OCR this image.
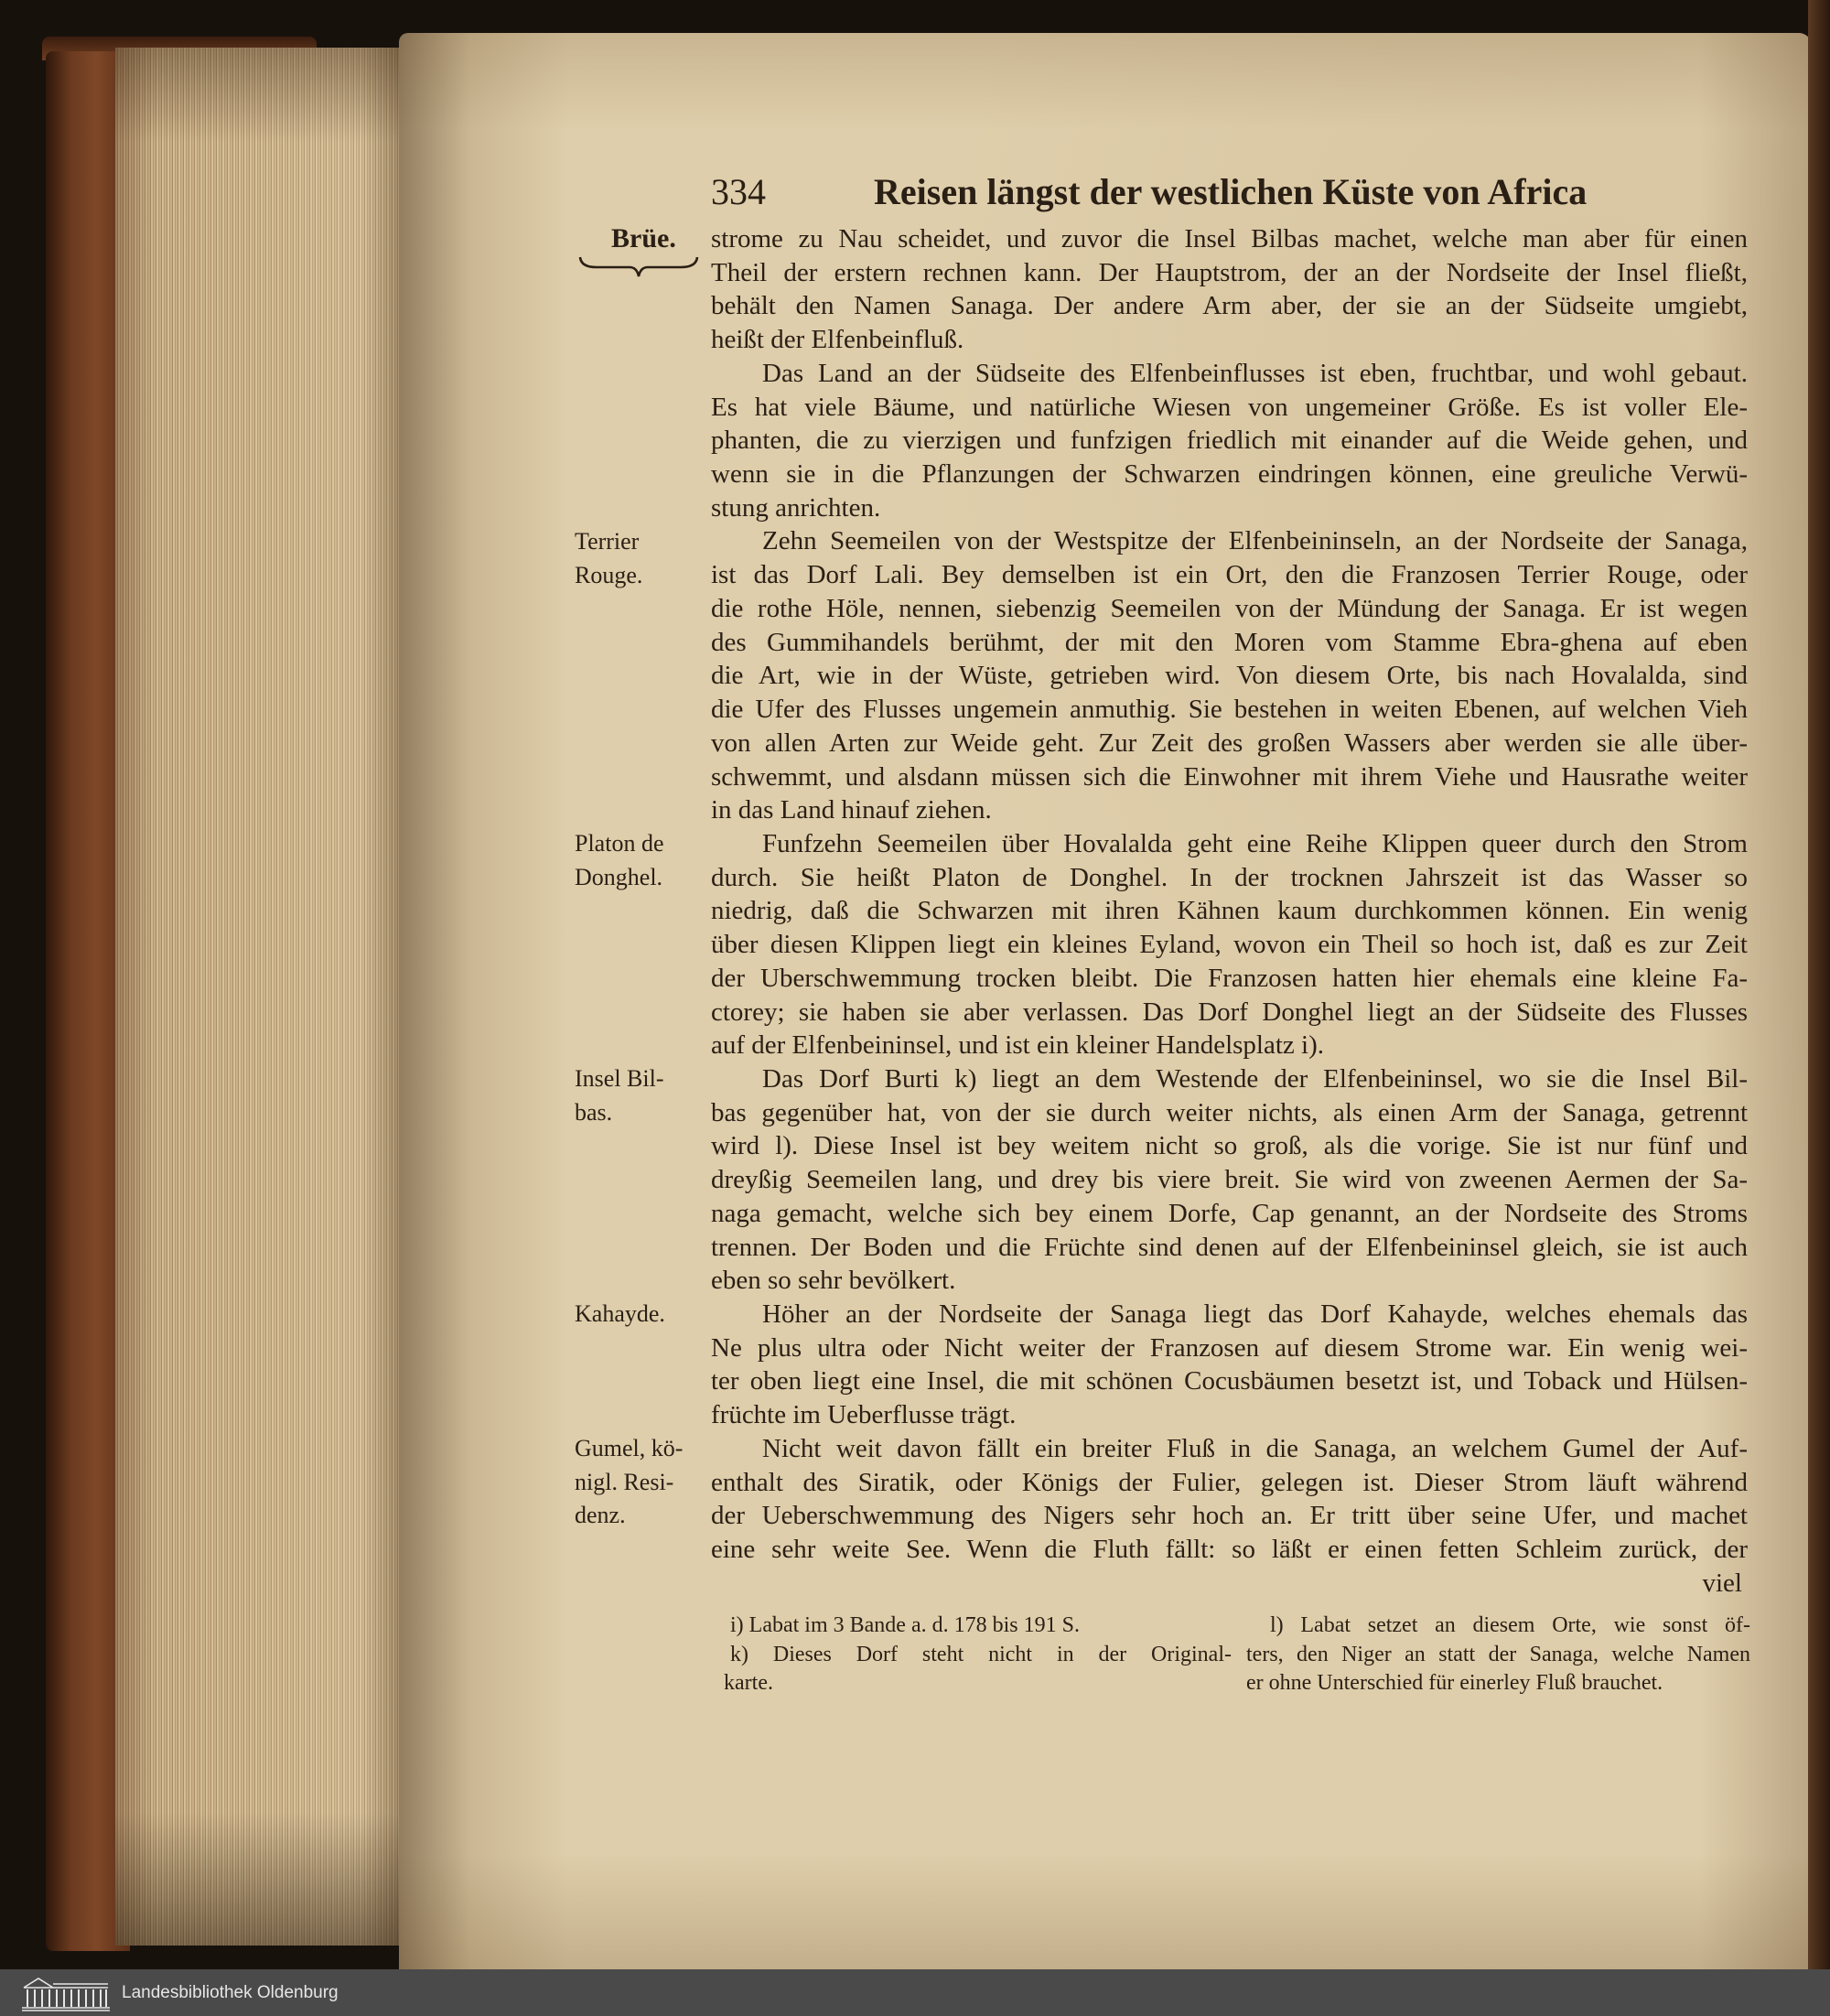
334	Reisen längst der westlichen Küste von Africa
Brüe.
Terrier
Rouge.
Platon de
Donghel.
Insel Bil-
bas.
Kahayde.
Gumel, kö-
nigl. Resi-
denz.
strome zu Nau scheidet, und zuvor die Insel Bilbas machet, welche man aber für einen
Theil der erstern rechnen kann. Der Hauptstrom, der an der Nordseite der Insel fließt,
behält den Namen Sanaga. Der andere Arm aber, der sie an der Südseite umgiebt,
heißt der Elfenbeinfluß.
Das Land an der Südseite des Elfenbeinflusses ist eben, fruchtbar, und wohl gebaut.
Es hat viele Bäume, und natürliche Wiesen von ungemeiner Größe. Es ist voller Ele-
phanten, die zu vierzigen und funfzigen friedlich mit einander auf die Weide gehen, und
wenn sie in die Pflanzungen der Schwarzen eindringen können, eine greuliche Verwü-
stung anrichten.
Zehn Seemeilen von der Westspitze der Elfenbeininseln, an der Nordseite der Sanaga,
ist das Dorf Lali. Bey demselben ist ein Ort, den die Franzosen Terrier Rouge, oder
die rothe Höle, nennen, siebenzig Seemeilen von der Mündung der Sanaga. Er ist wegen
des Gummihandels berühmt, der mit den Moren vom Stamme Ebra-ghena auf eben
die Art, wie in der Wüste, getrieben wird. Von diesem Orte, bis nach Hovalalda, sind
die Ufer des Flusses ungemein anmuthig. Sie bestehen in weiten Ebenen, auf welchen Vieh
von allen Arten zur Weide geht. Zur Zeit des großen Wassers aber werden sie alle über-
schwemmt, und alsdann müssen sich die Einwohner mit ihrem Viehe und Hausrathe weiter
in das Land hinauf ziehen.
Funfzehn Seemeilen über Hovalalda geht eine Reihe Klippen queer durch den Strom
durch. Sie heißt Platon de Donghel. In der trocknen Jahrszeit ist das Wasser so
niedrig, daß die Schwarzen mit ihren Kähnen kaum durchkommen können. Ein wenig
über diesen Klippen liegt ein kleines Eyland, wovon ein Theil so hoch ist, daß es zur Zeit
der Uberschwemmung trocken bleibt. Die Franzosen hatten hier ehemals eine kleine Fa-
ctorey; sie haben sie aber verlassen. Das Dorf Donghel liegt an der Südseite des Flusses
auf der Elfenbeininsel, und ist ein kleiner Handelsplatz i).
Das Dorf Burti k) liegt an dem Westende der Elfenbeininsel, wo sie die Insel Bil-
bas gegenüber hat, von der sie durch weiter nichts, als einen Arm der Sanaga, getrennt
wird l). Diese Insel ist bey weitem nicht so groß, als die vorige. Sie ist nur fünf und
dreyßig Seemeilen lang, und drey bis viere breit. Sie wird von zweenen Aermen der Sa-
naga gemacht, welche sich bey einem Dorfe, Cap genannt, an der Nordseite des Stroms
trennen. Der Boden und die Früchte sind denen auf der Elfenbeininsel gleich, sie ist auch
eben so sehr bevölkert.
Höher an der Nordseite der Sanaga liegt das Dorf Kahayde, welches ehemals das
Ne plus ultra oder Nicht weiter der Franzosen auf diesem Strome war. Ein wenig wei-
ter oben liegt eine Insel, die mit schönen Cocusbäumen besetzt ist, und Toback und Hülsen-
früchte im Ueberflusse trägt.
Nicht weit davon fällt ein breiter Fluß in die Sanaga, an welchem Gumel der Auf-
enthalt des Siratik, oder Königs der Fulier, gelegen ist. Dieser Strom läuft während
der Ueberschwemmung des Nigers sehr hoch an. Er tritt über seine Ufer, und machet
eine sehr weite See. Wenn die Fluth fällt: so läßt er einen fetten Schleim zurück, der
viel
i) Labat im 3 Bande a. d. 178 bis 191 S.
k) Dieses Dorf steht nicht in der Original-
karte.
l) Labat setzet an diesem Orte, wie sonst öf-
ters, den Niger an statt der Sanaga, welche Namen
er ohne Unterschied für einerley Fluß brauchet.
Landesbibliothek Oldenburg
